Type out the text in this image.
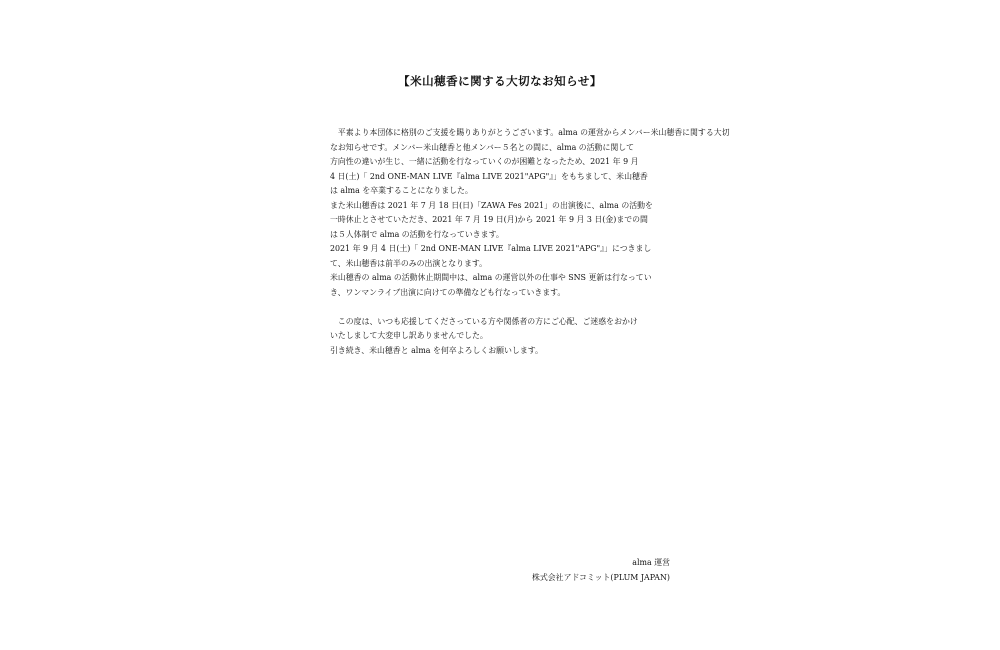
【米山穂香に関する大切なお知らせ】
　平素より本団体に格別のご支援を賜りありがとうございます。alma の運営からメンバー米山穂香に関する大切
なお知らせです。メンバー米山穂香と他メンバー５名との間に、alma の活動に関して
方向性の違いが生じ、一緒に活動を行なっていくのが困難となったため、2021 年 9 月
4 日(土)「 2nd ONE-MAN LIVE『alma LIVE 2021"APG"』」をもちまして、米山穂香
は alma を卒業することになりました。
また米山穂香は 2021 年 7 月 18 日(日)「ZAWA Fes 2021」の出演後に、alma の活動を
一時休止とさせていただき、2021 年 7 月 19 日(月)から 2021 年 9 月 3 日(金)までの間
は５人体制で alma の活動を行なっていきます。
2021 年 9 月 4 日(土)「 2nd ONE-MAN LIVE『alma LIVE 2021"APG"』」につきまし
て、米山穂香は前半のみの出演となります。
米山穂香の alma の活動休止期間中は、alma の運営以外の仕事や SNS 更新は行なってい
き、ワンマンライブ出演に向けての準備なども行なっていきます。
　この度は、いつも応援してくださっている方や関係者の方にご心配、ご迷惑をおかけ
いたしまして大変申し訳ありませんでした。
引き続き、米山穂香と alma を何卒よろしくお願いします。
alma 運営
株式会社アドコミット(PLUM JAPAN)
